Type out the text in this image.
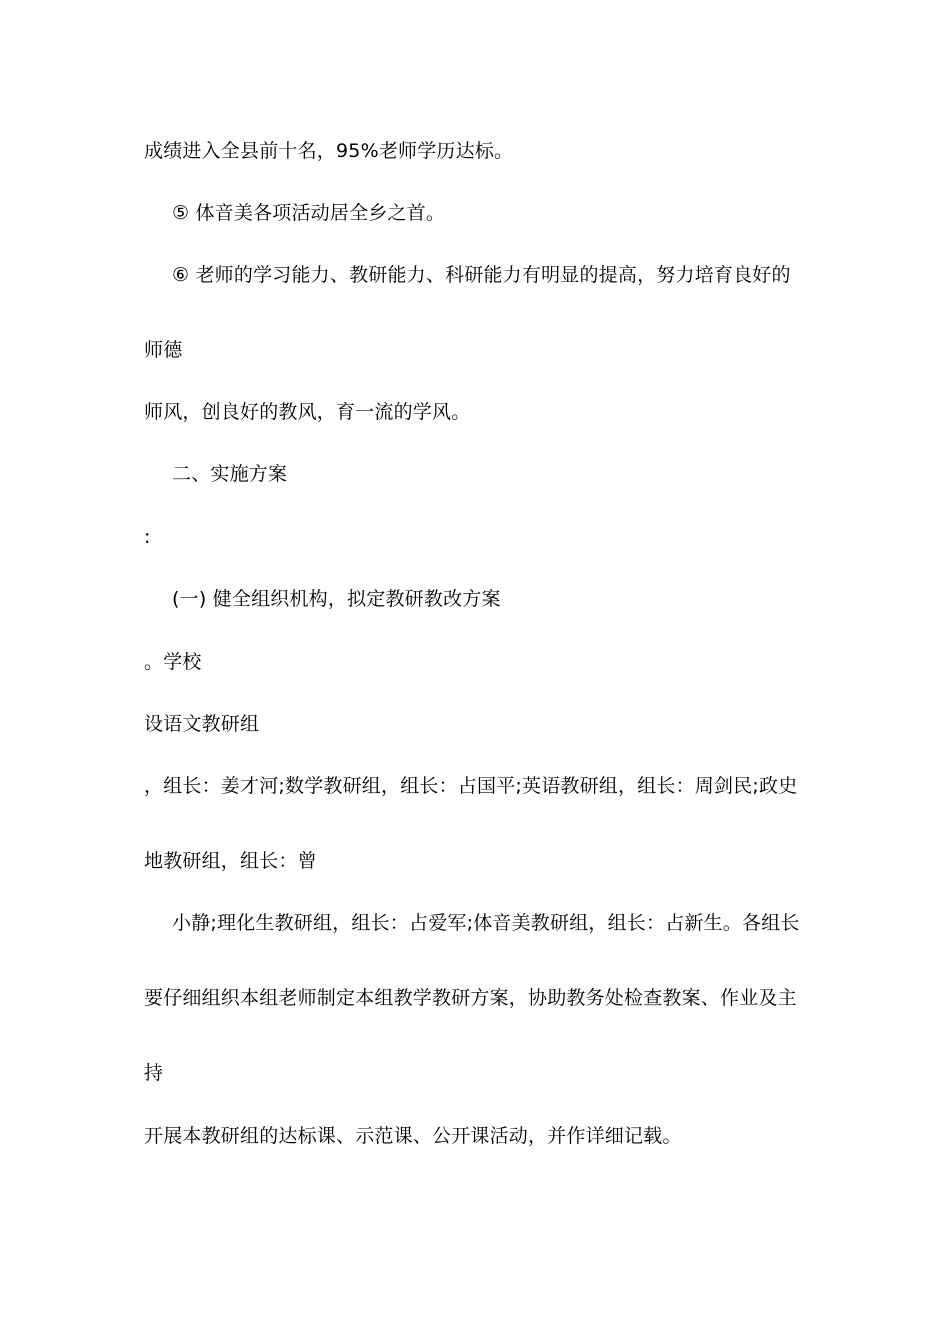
成绩进入全县前十名，95%老师学历达标。
⑤ 体音美各项活动居全乡之首。
⑥ 老师的学习能力、教研能力、科研能力有明显的提高，努力培育良好的
师德
师风，创良好的教风，育一流的学风。
二、实施方案
:
(一) 健全组织机构，拟定教研教改方案
。学校
设语文教研组
，组长：姜才河;数学教研组，组长：占国平;英语教研组，组长：周剑民;政史
地教研组，组长：曾
小静;理化生教研组，组长：占爱军;体音美教研组，组长：占新生。各组长
要仔细组织本组老师制定本组教学教研方案，协助教务处检查教案、作业及主
持
开展本教研组的达标课、示范课、公开课活动，并作详细记载。
